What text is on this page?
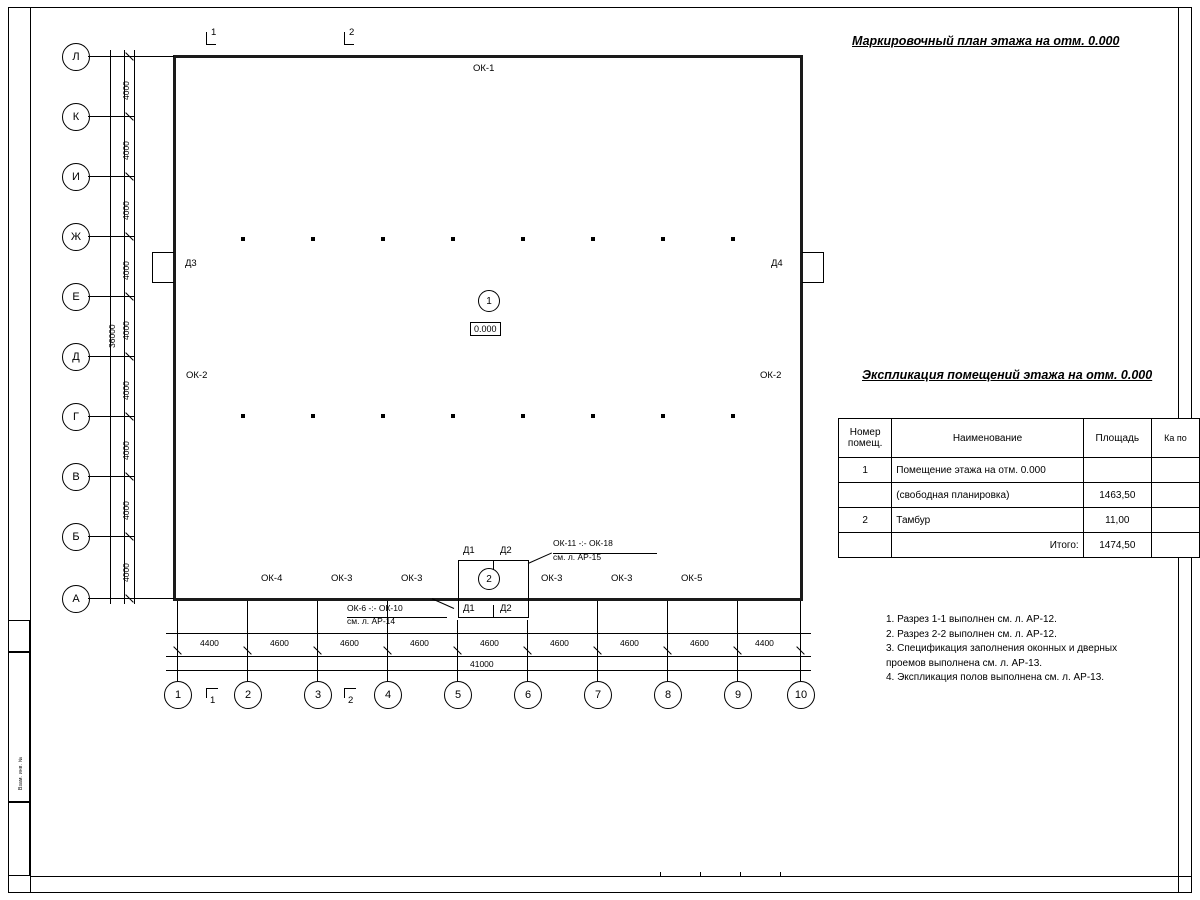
Взам. инв. №
Маркировочный план этажа на отм. 0.000
Экспликация помещений этажа на отм. 0.000
Д3	Д4
1
0.000
2
Д1	Д2
Д1	Д2
ОК-1
ОК-2	ОК-2
ОК-4	ОК-3	ОК-3	ОК-3	ОК-3	ОК-5
ОК-11 -:- ОК-18
см. л. АР-15
ОК-6 -:- ОК-10
см. л. АР-14
1	2
1	2
Л
К
И
Ж
Е
Д
Г
В
Б
А
4000
4000
4000
4000
4000
4000
4000
4000
4000
36000
4400	4600	4600	4600	4600	4600	4600	4600	4400
41000
1	2	3	4	5	6	7	8	9	10
Номер помещ.	Наименование	Площадь	Ка по
1	Помещение этажа на отм. 0.000		
	(свободная планировка)	1463,50	
2	Тамбур	11,00	
	Итого:	1474,50	
1. Разрез 1-1 выполнен см. л. АР-12.
2. Разрез 2-2 выполнен см. л. АР-12.
3. Спецификация заполнения оконных и дверных
проемов выполнена см. л. АР-13.
4. Экспликация полов выполнена см. л. АР-13.
